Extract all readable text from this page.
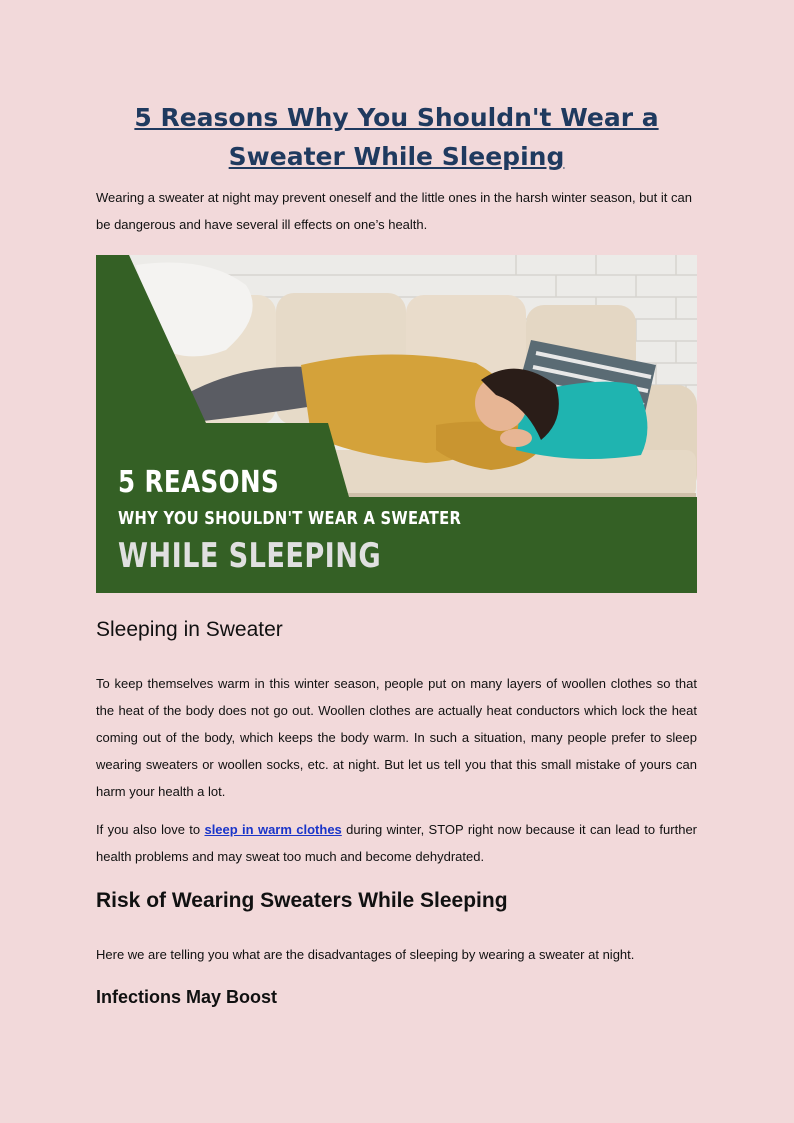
5 Reasons Why You Shouldn't Wear a Sweater While Sleeping

Wearing a sweater at night may prevent oneself and the little ones in the harsh winter season, but it can be dangerous and have several ill effects on one’s health.

5 REASONS
WHY YOU SHOULDN'T WEAR A SWEATER
WHILE SLEEPING
Sleeping in Sweater

To keep themselves warm in this winter season, people put on many layers of woollen clothes so that the heat of the body does not go out. Woollen clothes are actually heat conductors which lock the heat coming out of the body, which keeps the body warm. In such a situation, many people prefer to sleep wearing sweaters or woollen socks, etc. at night. But let us tell you that this small mistake of yours can harm your health a lot.

If you also love to sleep in warm clothes during winter, STOP right now because it can lead to further health problems and may sweat too much and become dehydrated.

Risk of Wearing Sweaters While Sleeping

Here we are telling you what are the disadvantages of sleeping by wearing a sweater at night.

Infections May Boost
